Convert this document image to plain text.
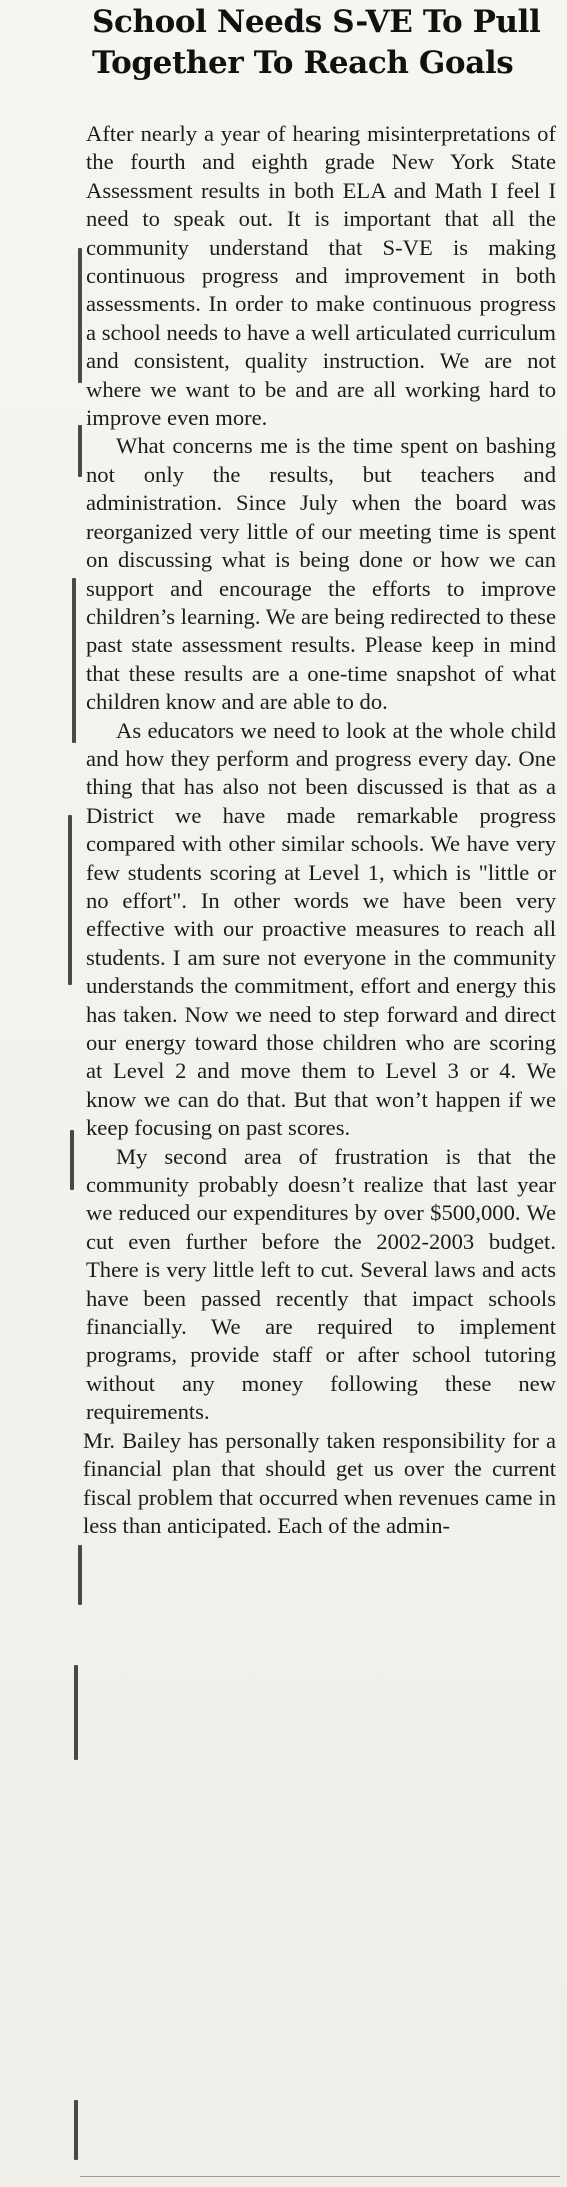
School Needs S-VE To Pull Together To Reach Goals

After nearly a year of hearing misinterpretations of the fourth and eighth grade New York State Assessment results in both ELA and Math I feel I need to speak out. It is important that all the community understand that S-VE is making continuous progress and improvement in both assessments. In order to make continuous progress a school needs to have a well articulated curriculum and consistent, quality instruction. We are not where we want to be and are all working hard to improve even more.

What concerns me is the time spent on bashing not only the results, but teachers and administration. Since July when the board was reorganized very little of our meeting time is spent on discussing what is being done or how we can support and encourage the efforts to improve children’s learning. We are being redirected to these past state assessment results. Please keep in mind that these results are a one-time snapshot of what children know and are able to do.

As educators we need to look at the whole child and how they perform and progress every day. One thing that has also not been discussed is that as a District we have made remarkable progress compared with other similar schools. We have very few students scoring at Level 1, which is "little or no effort". In other words we have been very effective with our proactive measures to reach all students. I am sure not everyone in the community understands the commitment, effort and energy this has taken. Now we need to step forward and direct our energy toward those children who are scoring at Level 2 and move them to Level 3 or 4. We know we can do that. But that won’t happen if we keep focusing on past scores.

My second area of frustration is that the community probably doesn’t realize that last year we reduced our expenditures by over $500,000. We cut even further before the 2002-2003 budget. There is very little left to cut. Several laws and acts have been passed recently that impact schools financially. We are required to implement programs, provide staff or after school tutoring without any money following these new requirements.

Mr. Bailey has personally taken responsibility for a financial plan that should get us over the current fiscal problem that occurred when revenues came in less than anticipated. Each of the admin-
